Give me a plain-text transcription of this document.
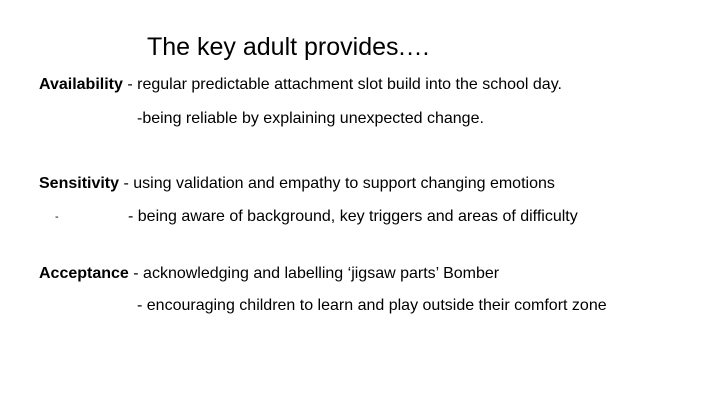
The key adult provides.…
Availability - regular predictable attachment slot build into the school day.
-being reliable by explaining unexpected change.
Sensitivity - using validation and empathy to support changing emotions
-	- being aware of background, key triggers and areas of difficulty
Acceptance - acknowledging and labelling ‘jigsaw parts’ Bomber
- encouraging children to learn and play outside their comfort zone
